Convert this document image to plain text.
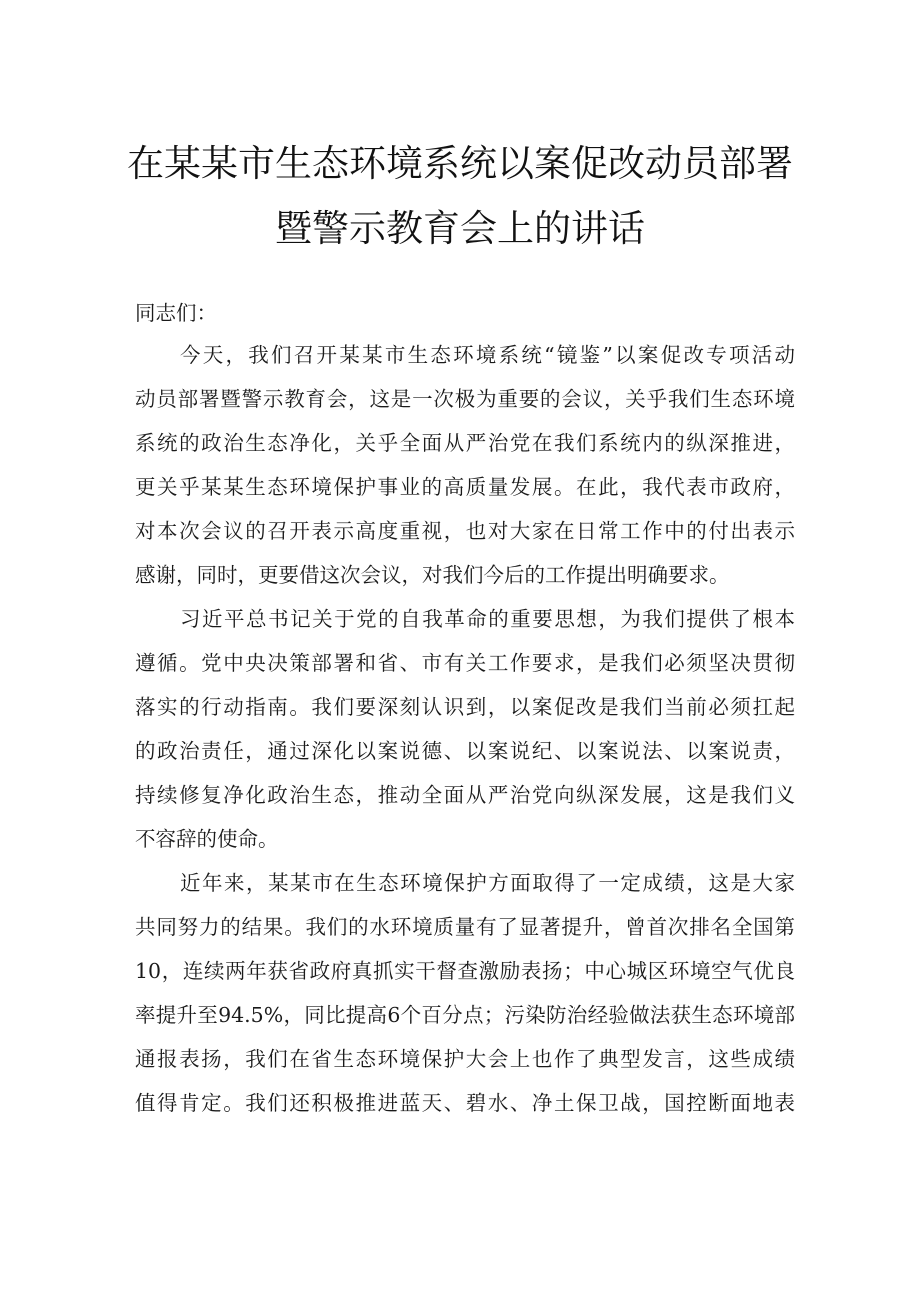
在某某市生态环境系统以案促改动员部署
暨警示教育会上的讲话
同志们：
今天，我们召开某某市生态环境系统“镜鉴”以案促改专项活动
动员部署暨警示教育会，这是一次极为重要的会议，关乎我们生态环境
系统的政治生态净化，关乎全面从严治党在我们系统内的纵深推进，
更关乎某某生态环境保护事业的高质量发展。在此，我代表市政府，
对本次会议的召开表示高度重视，也对大家在日常工作中的付出表示
感谢，同时，更要借这次会议，对我们今后的工作提出明确要求。
习近平总书记关于党的自我革命的重要思想，为我们提供了根本
遵循。党中央决策部署和省、市有关工作要求，是我们必须坚决贯彻
落实的行动指南。我们要深刻认识到，以案促改是我们当前必须扛起
的政治责任，通过深化以案说德、以案说纪、以案说法、以案说责，
持续修复净化政治生态，推动全面从严治党向纵深发展，这是我们义
不容辞的使命。
近年来，某某市在生态环境保护方面取得了一定成绩，这是大家
共同努力的结果。我们的水环境质量有了显著提升，曾首次排名全国第
10，连续两年获省政府真抓实干督查激励表扬；中心城区环境空气优良
率提升至94.5%，同比提高6个百分点；污染防治经验做法获生态环境部
通报表扬，我们在省生态环境保护大会上也作了典型发言，这些成绩
值得肯定。我们还积极推进蓝天、碧水、净土保卫战，国控断面地表
